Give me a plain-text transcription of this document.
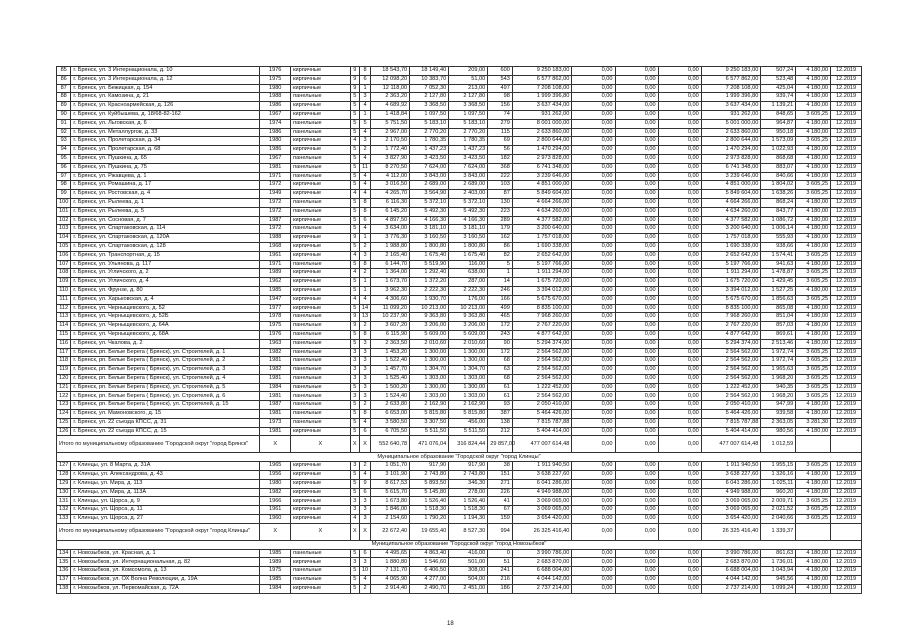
85	г. Брянск, ул. 3 Интернационала, д. 10	1976	кирпичные	9	8	18 543,70	18 149,40	209,00	600	9 250 183,00	0,00	0,00	0,00	9 250 183,00	507,24	4 180,00	12.2019
86	г. Брянск, ул. 3 Интернационала, д. 12	1975	кирпичные	9	6	12 098,20	10 383,70	51,00	543	6 577 862,00	0,00	0,00	0,00	6 577 862,00	523,48	4 180,00	12.2019
87	г. Брянск, ул. Бежицкая, д. 154	1980	кирпичные	9	1	12 118,00	7 052,30	213,00	497	7 208 108,00	0,00	0,00	0,00	7 208 108,00	425,04	4 180,00	12.2019
88	г. Брянск, ул. Камозина, д. 21	1988	панельные	5	3	2 363,20	2 127,80	2 127,80	98	1 999 396,80	0,00	0,00	0,00	1 999 396,80	939,74	4 180,00	12.2019
89	г. Брянск, ул. Красноармейская, д. 126	1986	кирпичные	5	4	4 689,92	3 368,50	3 368,50	156	3 637 434,00	0,00	0,00	0,00	3 637 434,00	1 139,21	4 180,00	12.2019
90	г. Брянск, ул. Куйбышева, д. 18/68-82-162	1967	кирпичные	5	1	1 418,84	1 097,50	1 097,50	74	931 262,00	0,00	0,00	0,00	931 262,00	848,65	3 605,25	12.2019
91	г. Брянск, ул. Льговская, д. 6	1974	панельные	5	5	5 751,50	5 183,10	5 183,10	279	8 001 000,00	0,00	0,00	0,00	5 001 000,00	964,87	4 180,00	12.2019
92	г. Брянск, ул. Металлургов, д. 33	1986	панельные	5	4	2 967,00	2 770,20	2 770,20	115	2 633 860,00	0,00	0,00	0,00	2 633 860,00	950,18	4 180,00	12.2019
93	г. Брянск, ул. Пролетарская, д. 34	1980	кирпичные	4	3	2 170,50	1 780,35	1 780,35	69	2 800 644,00	0,00	0,00	0,00	2 800 644,00	1 573,09	3 605,25	12.2019
94	г. Брянск, ул. Пролетарская, д. 68	1986	кирпичные	5	2	1 772,40	1 437,23	1 437,23	56	1 470 294,00	0,00	0,00	0,00	1 470 294,00	1 022,93	4 180,00	12.2019
95	г. Брянск, ул. Пушкина, д. 65	1967	панельные	5	4	3 827,90	3 423,50	3 423,50	182	2 973 828,00	0,00	0,00	0,00	2 973 828,00	868,68	4 180,00	12.2019
96	г. Брянск, ул. Пушкина, д. 75	1981	панельные	5	11	8 270,50	7 624,00	7 624,00	368	6 741 348,00	0,00	0,00	0,00	6 741 348,00	883,07	4 180,00	12.2019
97	г. Брянск, ул. Ржавцева, д. 1	1971	панельные	5	4	4 112,00	3 843,00	3 843,00	222	3 239 646,00	0,00	0,00	0,00	3 239 646,00	840,66	4 180,00	12.2019
98	г. Брянск, ул. Ромашина, д. 17	1972	кирпичные	5	4	3 016,50	2 689,00	2 689,00	103	4 851 000,00	0,00	0,00	0,00	4 851 000,00	1 804,02	3 605,25	12.2019
99	г. Брянск, ул. Ростовская, д. 4	1949	кирпичные	4	4	4 265,70	3 564,90	2 403,00	87	5 849 604,00	0,00	0,00	0,00	5 849 604,00	1 638,26	3 605,25	12.2019
100	г. Брянск, ул. Рылеева, д. 1	1972	панельные	5	8	6 116,30	5 372,10	5 372,10	130	4 664 266,00	0,00	0,00	0,00	4 664 266,00	868,24	4 180,00	12.2019
101	г. Брянск, ул. Рылеева, д. 5	1972	панельные	5	8	6 145,20	5 492,30	5 492,30	223	4 634 260,00	0,00	0,00	0,00	4 634 260,00	843,77	4 180,00	12.2019
102	г. Брянск, ул. Сосновая, д. 7	1987	кирпичные	5	6	4 897,50	4 166,30	4 166,30	289	4 377 582,00	0,00	0,00	0,00	4 377 582,00	1 086,72	4 180,00	12.2019
103	г. Брянск, ул. Спартаковская, д. 114	1972	панельные	5	4	3 634,00	3 181,10	3 181,10	179	3 200 640,00	0,00	0,00	0,00	3 200 640,00	1 006,14	4 180,00	12.2019
104	г. Брянск, ул. Спартаковская, д. 120А	1988	кирпичные	9	1	3 776,30	3 160,50	3 160,50	162	1 757 018,00	0,00	0,00	0,00	1 757 018,00	555,93	4 180,00	12.2019
105	г. Брянск, ул. Спартаковская, д. 128	1968	кирпичные	5	2	1 988,80	1 800,80	1 800,80	86	1 690 338,00	0,00	0,00	0,00	1 690 338,00	938,66	4 180,00	12.2019
106	г. Брянск, ул. Транспортная, д. 15	1961	кирпичные	4	3	2 165,40	1 675,40	1 675,40	82	2 652 642,00	0,00	0,00	0,00	2 652 642,00	1 574,41	3 605,25	12.2019
107	г. Брянск, ул. Ульянова, д. 117	1971	панельные	5	8	6 144,70	5 519,90	116,00	5	5 197 766,00	0,00	0,00	0,00	5 197 766,00	941,63	4 180,00	12.2019
108	г. Брянск, ул. Угличского, д. 2	1989	кирпичные	4	2	1 364,00	1 292,40	638,00	1	1 911 294,00	0,00	0,00	0,00	1 911 294,00	1 478,87	3 605,25	12.2019
109	г. Брянск, ул. Угличского, д. 4	1962	кирпичные	5	1	1 673,70	1 372,20	287,00	14	1 675 720,00	0,00	0,00	0,00	1 675 720,00	1 429,45	3 605,25	12.2019
110	г. Брянск, ул. Фрунзе, д. 80	1985	кирпичные	5	1	3 962,30	2 222,30	2 222,30	246	3 394 012,00	0,00	0,00	0,00	3 394 012,00	1 527,25	4 180,00	12.2019
111	г. Брянск, ул. Харьковская, д. 4	1947	кирпичные	4	4	4 306,60	1 930,70	176,00	166	5 675 670,00	0,00	0,00	0,00	5 675 670,00	1 856,63	3 605,25	12.2019
112	г. Брянск, ул. Черныщевского, д. 52	1977	кирпичные	5	14	11 099,20	10 213,00	10 213,00	499	8 835 100,00	0,00	0,00	0,00	8 835 100,00	865,08	4 180,00	12.2019
113	г. Брянск, ул. Черныщевского, д. 52Б	1978	панельные	9	13	10 237,90	9 363,80	9 363,80	465	7 968 260,00	0,00	0,00	0,00	7 968 260,00	851,04	4 180,00	12.2019
114	г. Брянск, ул. Черныщевского, д. 64А	1975	панельные	9	2	3 607,20	3 206,00	3 206,00	172	2 767 220,00	0,00	0,00	0,00	2 767 220,00	857,03	4 180,00	12.2019
115	г. Брянск, ул. Черныщевского, д. 68А	1976	панельные	5	8	6 115,90	5 609,00	5 609,00	243	4 877 642,00	0,00	0,00	0,00	4 877 642,00	869,61	4 180,00	12.2019
116	г. Брянск, ул. Чкалова, д. 2	1963	панельные	5	3	2 363,50	2 010,60	2 010,60	90	5 294 374,00	0,00	0,00	0,00	5 294 374,00	2 513,46	4 180,00	12.2019
117	г. Брянск, рп. Белые Берега ( Брянск), ул. Строителей, д. 1	1982	панельные	3	3	1 453,20	1 300,00	1 300,00	172	2 564 562,00	0,00	0,00	0,00	2 564 562,00	1 972,74	3 605,25	12.2019
118	г. Брянск, рп. Белые Берега ( Брянск), ул. Строителей, д. 2	1981	панельные	3	3	1 522,40	1 300,00	1 300,00	68	2 564 562,00	0,00	0,00	0,00	2 564 562,00	1 972,74	3 605,25	12.2019
119	г. Брянск, рп. Белые Берега ( Брянск), ул. Строителей, д. 3	1982	панельные	3	3	1 457,70	1 304,70	1 304,70	63	2 564 562,00	0,00	0,00	0,00	2 564 562,00	1 965,63	3 605,25	12.2019
120	г. Брянск, рп. Белые Берега ( Брянск), ул. Строителей, д. 4	1981	панельные	3	3	1 525,40	1 303,00	1 303,00	68	2 564 562,00	0,00	0,00	0,00	2 564 562,00	1 968,20	3 605,25	12.2019
121	г. Брянск, рп. Белые Берега ( Брянск), ул. Строителей, д. 5	1984	панельные	5	3	1 500,20	1 300,00	1 300,00	61	1 222 452,00	0,00	0,00	0,00	1 222 452,00	940,35	3 605,25	12.2019
122	г. Брянск, рп. Белые Берега ( Брянск), ул. Строителей, д. 6	1981	панельные	3	3	1 524,40	1 303,00	1 303,00	61	2 564 562,00	0,00	0,00	0,00	2 564 562,00	1 968,20	3 605,25	12.2019
123	г. Брянск, рп. Белые Берега ( Брянск), ул. Строителей, д. 15	1987	панельные	5	2	2 633,80	2 162,90	2 162,90	93	2 050 410,00	0,00	0,00	0,00	2 050 410,00	947,99	4 180,00	12.2019
124	г. Брянск, ул. Мамоновского, д. 15	1981	панельные	5	8	6 653,00	5 815,80	5 815,80	387	5 464 426,00	0,00	0,00	0,00	5 464 426,00	939,58	4 180,00	12.2019
125	г. Брянск, ул. 22 съезда КПСС, д. 31	1973	панельные	5	4	3 580,50	3 307,50	456,00	138	7 815 787,88	0,00	0,00	0,00	7 815 787,88	2 363,05	3 281,30	12.2019
126	г. Брянск, ул. 22 съезда КПСС, д. 15	1981	кирпичные	5	6	6 705,50	5 511,50	5 511,50	212	5 404 414,00	0,00	0,00	0,00	5 404 414,00	980,56	4 180,00	12.2019
Итого по муниципальному образованию "Городской округ "город Брянск"		X	X	X	X	552 640,78	471 076,04	316 824,44	29 857,00	477 007 614,48	0,00	0,00	0,00	477 007 614,48	1 012,59		
Муниципальное образование "Городской округ "город Клинцы"																	
127	г. Клинцы, ул. 8 Марта, д. 31А	1965	кирпичные	3	2	1 051,70	917,90	917,90	38	1 911 940,50	0,00	0,00	0,00	1 911 940,50	1 955,15	3 605,25	12.2019
128	г. Клинцы, ул. Александрова, д. 43	1956	кирпичные	5	4	3 101,90	2 743,80	2 743,80	151	3 638 227,60	0,00	0,00	0,00	3 638 227,60	1 326,16	4 180,00	12.2019
129	г. Клинцы, ул. Мира, д. 113	1980	кирпичные	5	9	8 617,53	5 893,50	346,30	271	6 041 286,00	0,00	0,00	0,00	6 041 286,00	1 025,11	4 180,00	12.2019
130	г. Клинцы, ул. Мира, д. 113А	1982	кирпичные	5	6	5 615,70	5 145,80	278,00	226	4 949 988,00	0,00	0,00	0,00	4 949 988,00	960,20	4 180,00	12.2019
131	г. Клинцы, ул. Щорса, д. 9	1966	кирпичные	3	3	1 673,80	1 526,40	1 526,40	41	3 069 065,00	0,00	0,00	0,00	3 069 065,00	2 009,71	3 605,25	12.2019
132	г. Клинцы, ул. Щорса, д. 11	1961	кирпичные	3	3	1 846,00	1 518,30	1 518,30	67	3 069 065,00	0,00	0,00	0,00	3 069 065,00	2 021,52	3 605,25	12.2019
133	г. Клинцы, ул. Щорса, д. 27	1960	кирпичные	4	3	2 154,60	1 790,20	1 194,30	159	3 654 420,00	0,00	0,00	0,00	3 654 420,00	2 040,66	3 605,25	12.2019
Итого по муниципальному образованию "Городской округ "город Клинцы"		X	X	X	X	22 672,40	19 655,40	8 527,30	994	26 325 416,40	0,00	0,00	0,00	26 325 416,40	1 339,37		
Муниципальное образование "Городской округ "город Новозыбков"																	
134	г. Новозыбков, ул. Красная, д. 1	1985	панельные	5	6	4 495,65	4 863,40	416,00	0	3 990 786,00	0,00	0,00	0,00	3 990 786,00	861,63	4 180,00	12.2019
135	г. Новозыбков, ул. Интернациональная, д. 82	1989	кирпичные	3	3	1 880,80	1 546,60	501,00	51	2 683 870,00	0,00	0,00	0,00	2 683 870,00	1 736,01	4 180,00	12.2019
136	г. Новозыбков, ул. Комсомола, д. 13	1975	панельные	5	10	7 131,70	6 406,50	308,00	241	6 688 004,00	0,00	0,00	0,00	6 688 004,00	1 043,94	4 180,00	12.2019
137	г. Новозыбков, ул. ОХ Волна Революции, д. 19А	1985	панельные	5	4	4 065,90	4 277,00	504,00	216	4 044 142,00	0,00	0,00	0,00	4 044 142,00	945,56	4 180,00	12.2019
138	г. Новозыбков, ул. Первомайская, д. 72А	1984	кирпичные	5	2	2 914,40	2 490,70	2 451,00	186	2 737 214,00	0,00	0,00	0,00	2 737 214,00	1 099,24	4 180,00	12.2019
18
